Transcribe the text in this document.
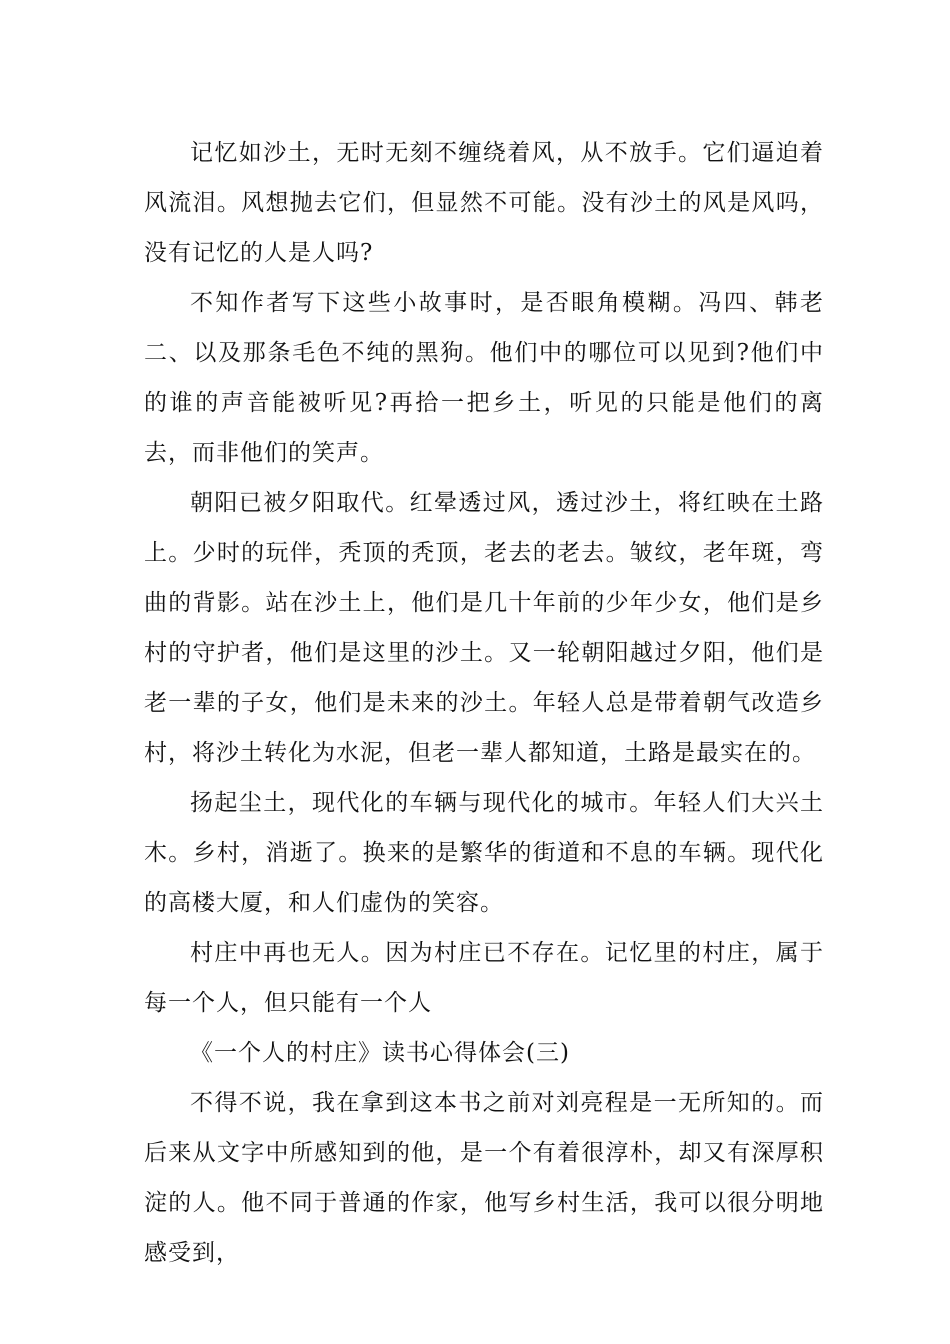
记忆如沙土，无时无刻不缠绕着风，从不放手。它们逼迫着风流泪。风想抛去它们，但显然不可能。没有沙土的风是风吗，没有记忆的人是人吗?

不知作者写下这些小故事时，是否眼角模糊。冯四、韩老二、以及那条毛色不纯的黑狗。他们中的哪位可以见到?他们中的谁的声音能被听见?再拾一把乡土，听见的只能是他们的离去，而非他们的笑声。

朝阳已被夕阳取代。红晕透过风，透过沙土，将红映在土路上。少时的玩伴，秃顶的秃顶，老去的老去。皱纹，老年斑，弯曲的背影。站在沙土上，他们是几十年前的少年少女，他们是乡村的守护者，他们是这里的沙土。又一轮朝阳越过夕阳，他们是老一辈的子女，他们是未来的沙土。年轻人总是带着朝气改造乡村，将沙土转化为水泥，但老一辈人都知道，土路是最实在的。

扬起尘土，现代化的车辆与现代化的城市。年轻人们大兴土木。乡村，消逝了。换来的是繁华的街道和不息的车辆。现代化的高楼大厦，和人们虚伪的笑容。

村庄中再也无人。因为村庄已不存在。记忆里的村庄，属于每一个人，但只能有一个人

《一个人的村庄》读书心得体会(三)

不得不说，我在拿到这本书之前对刘亮程是一无所知的。而后来从文字中所感知到的他，是一个有着很淳朴，却又有深厚积淀的人。他不同于普通的作家，他写乡村生活，我可以很分明地感受到，
